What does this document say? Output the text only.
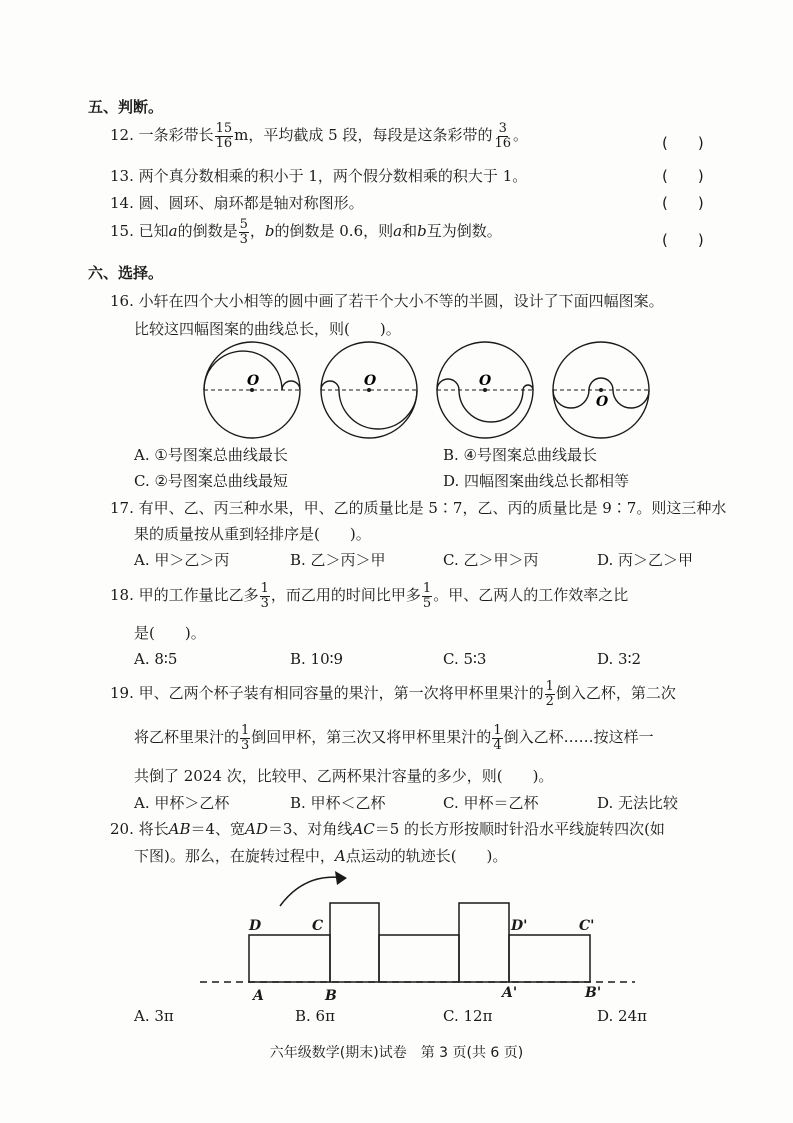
五、判断。
12. 一条彩带长 $\frac{15}{16}$ m，平均截成 5 段，每段是这条彩带的 $\frac{3}{16}$ 。	(　　)
13. 两个真分数相乘的积小于 1，两个假分数相乘的积大于 1。	(　　)
14. 圆、圆环、扇环都是轴对称图形。	(　　)
15. 已知a的倒数是 $\frac{5}{3}$ ，b的倒数是 0.6，则a和b互为倒数。	(　　)
六、选择。
16. 小轩在四个大小相等的圆中画了若干个大小不等的半圆，设计了下面四幅图案。
比较这四幅图案的曲线总长，则(　　)。
O	O	O
O
A. ①号图案总曲线最长	B. ④号图案总曲线最长
C. ②号图案总曲线最短	D. 四幅图案曲线总长都相等
17. 有甲、乙、丙三种水果，甲、乙的质量比是 5∶7，乙、丙的质量比是 9∶7。则这三种水
果的质量按从重到轻排序是(　　)。
A. 甲＞乙＞丙	B. 乙＞丙＞甲	C. 乙＞甲＞丙	D. 丙＞乙＞甲
18. 甲的工作量比乙多 $\frac{1}{3}$ ，而乙用的时间比甲多 $\frac{1}{5}$ 。甲、乙两人的工作效率之比
是(　　)。
A. 8∶5	B. 10∶9	C. 5∶3	D. 3∶2
19. 甲、乙两个杯子装有相同容量的果汁，第一次将甲杯里果汁的 $\frac{1}{2}$ 倒入乙杯，第二次
将乙杯里果汁的 $\frac{1}{3}$ 倒回甲杯，第三次又将甲杯里果汁的 $\frac{1}{4}$ 倒入乙杯……按这样一
共倒了 2024 次，比较甲、乙两杯果汁容量的多少，则(　　)。
A. 甲杯＞乙杯	B. 甲杯＜乙杯	C. 甲杯＝乙杯	D. 无法比较
20. 将长AB＝4、宽AD＝3、对角线AC＝5 的长方形按顺时针沿水平线旋转四次(如
下图)。那么，在旋转过程中，A点运动的轨迹长(　　)。
D	C
A	B
D'	C'
A'	B'
A. 3π	B. 6π	C. 12π	D. 24π
六年级数学(期末)试卷　第 3 页(共 6 页)
